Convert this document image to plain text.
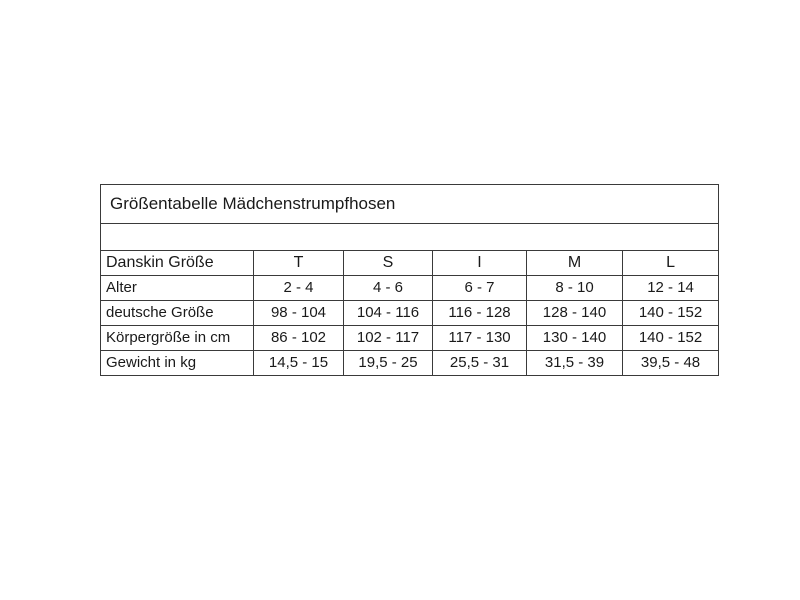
Größentabelle Mädchenstrumpfhosen					

Danskin Größe	T	S	I	M	L
Alter	2 - 4	4 - 6	6 - 7	8 - 10	12 - 14
deutsche Größe	98 - 104	104 - 116	116 - 128	128 - 140	140 - 152
Körpergröße in cm	86 - 102	102 - 117	117 - 130	130 - 140	140 - 152
Gewicht in kg	14,5 - 15	19,5 - 25	25,5 - 31	31,5 - 39	39,5 - 48
